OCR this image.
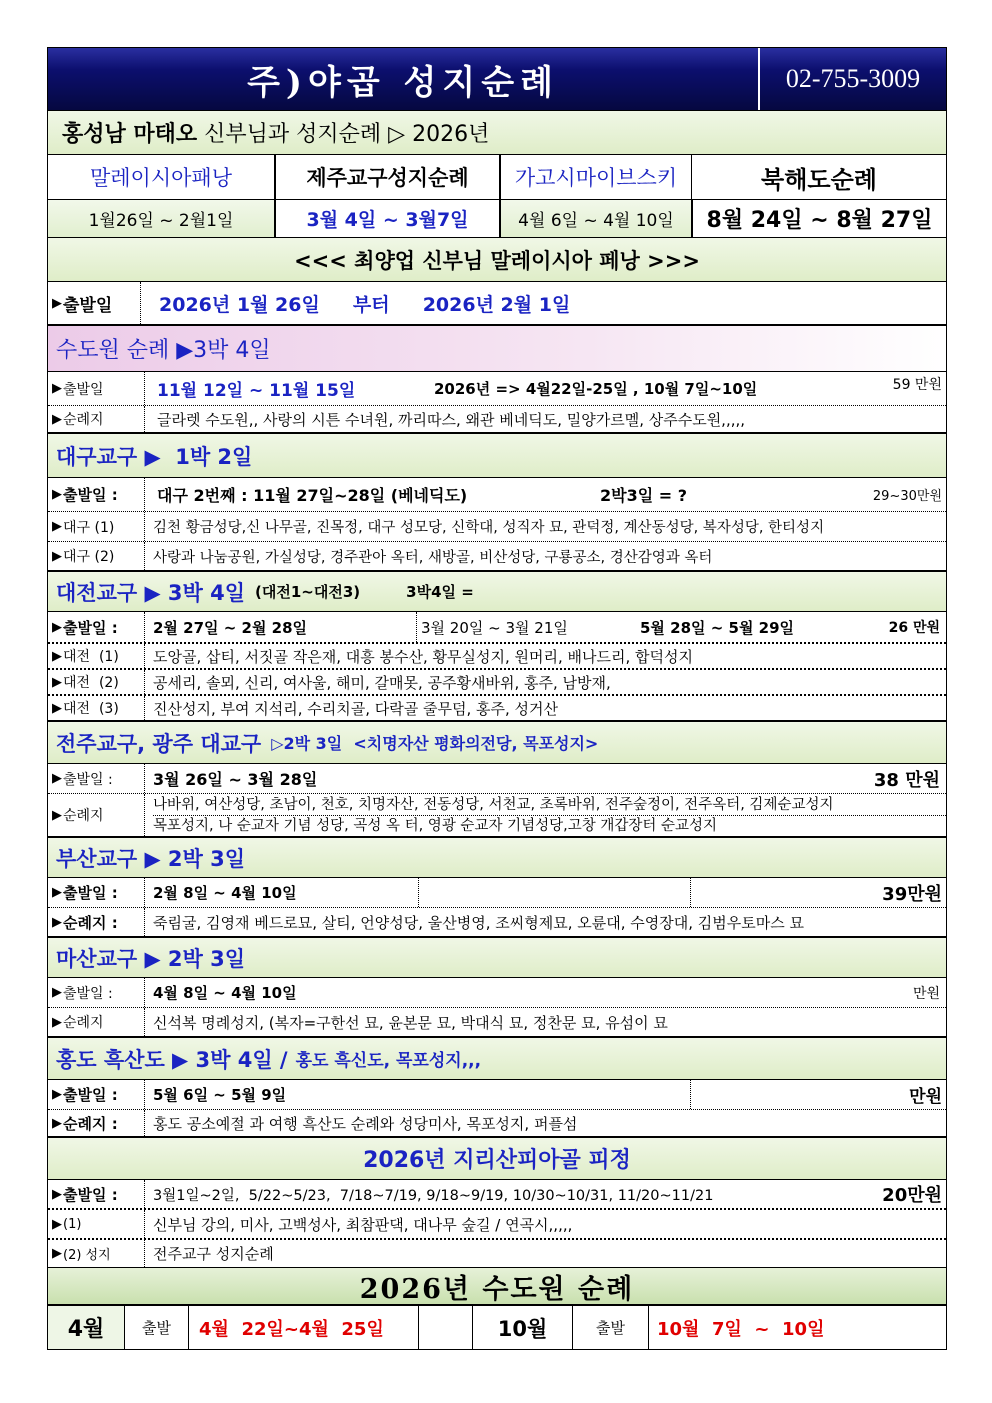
주)야곱 성지순례	02-755-3009
홍성남 마태오
신부님과 성지순례 ▷ 2026년
말레이시아패낭	제주교구성지순례	가고시마이브스키	북해도순례
1월26일 ~ 2월1일	3월 4일 ~ 3월7일	4월 6일 ~ 4월 10일	8월 24일 ~ 8월 27일
<<< 최양업 신부님 말레이시아 페낭 >>>
▶ 출발일	2026년 1월 26일     부터     2026년 2월 1일
수도원 순례 ▶3박 4일
▶ 출발일	11월 12일 ~ 11월 15일	2026년 => 4월22일-25일 , 10월 7일~10일	59 만원
▶ 순례지	글라렛 수도원,, 사랑의 시튼 수녀원, 까리따스, 왜관 베네딕도, 밀양가르멜, 상주수도원,,,,,
대구교구 ▶  1박 2일
▶ 출발일 :	대구 2번째 : 11월 27일~28일 (베네딕도)	2박3일 = ?	29~30만원
▶ 대구 (1)	김천 황금성당,신 나무골, 진목정, 대구 성모당, 신학대, 성직자 묘, 관덕정, 계산동성당, 복자성당, 한티성지
▶ 대구 (2)	사랑과 나눔공원, 가실성당, 경주관아 옥터, 새방골, 비산성당, 구룡공소, 경산감영과 옥터
대전교구 ▶ 3박 4일 (대전1~대전3)	3박4일 =
▶ 출발일 :	2월 27일 ~ 2월 28일	3월 20일 ~ 3월 21일	5월 28일 ~ 5월 29일	26 만원
▶ 대전  (1)	도앙골, 삽티, 서짓골 작은재, 대흥 봉수산, 황무실성지, 원머리, 배나드리, 합덕성지
▶ 대전  (2)	공세리, 솔뫼, 신리, 여사울, 해미, 갈매못, 공주황새바위, 홍주, 남방재,
▶ 대전  (3)	진산성지, 부여 지석리, 수리치골, 다락골 줄무덤, 홍주, 성거산
전주교구, 광주 대교구 ▷2박 3일  <치명자산 평화의전당, 목포성지>
▶ 출발일 :	3월 26일 ~ 3월 28일	38 만원
▶ 순례지
나바위, 여산성당, 초남이, 천호, 치명자산, 전동성당, 서천교, 초록바위, 전주숲정이, 전주옥터, 김제순교성지
목포성지, 나 순교자 기념 성당, 곡성 옥 터, 영광 순교자 기념성당,고창 개갑장터 순교성지
부산교구 ▶ 2박 3일
▶ 출발일 :	2월 8일 ~ 4월 10일	39만원
▶ 순례지 :	죽림굴, 김영재 베드로묘, 살티, 언양성당, 울산병영, 조씨형제묘, 오륜대, 수영장대, 김범우토마스 묘
마산교구 ▶ 2박 3일
▶ 출발일 :	4월 8일 ~ 4월 10일	만원
▶ 순례지	신석복 명례성지, (복자=구한선 묘, 윤본문 묘, 박대식 묘, 정찬문 묘, 유섬이 묘
홍도 흑산도 ▶ 3박 4일 / 홍도 흑신도, 목포성지,,,
▶ 출발일 :	5월 6일 ~ 5월 9일	만원
▶ 순례지 :	홍도 공소예절 과 여행 흑산도 순례와 성당미사, 목포성지, 퍼플섬
2026년 지리산피아골 피정
▶ 출발일 :	3월1일~2일,  5/22~5/23,  7/18~7/19, 9/18~9/19, 10/30~10/31, 11/20~11/21	20만원
▶ (1)	신부님 강의, 미사, 고백성사, 최참판댁, 대나무 숲길 / 연곡시,,,,,
▶ (2) 성지	전주교구 성지순례
2026년 수도원 순례
4월	출발	4월  22일~4월  25일	10월	출발	10월  7일  ~  10일
